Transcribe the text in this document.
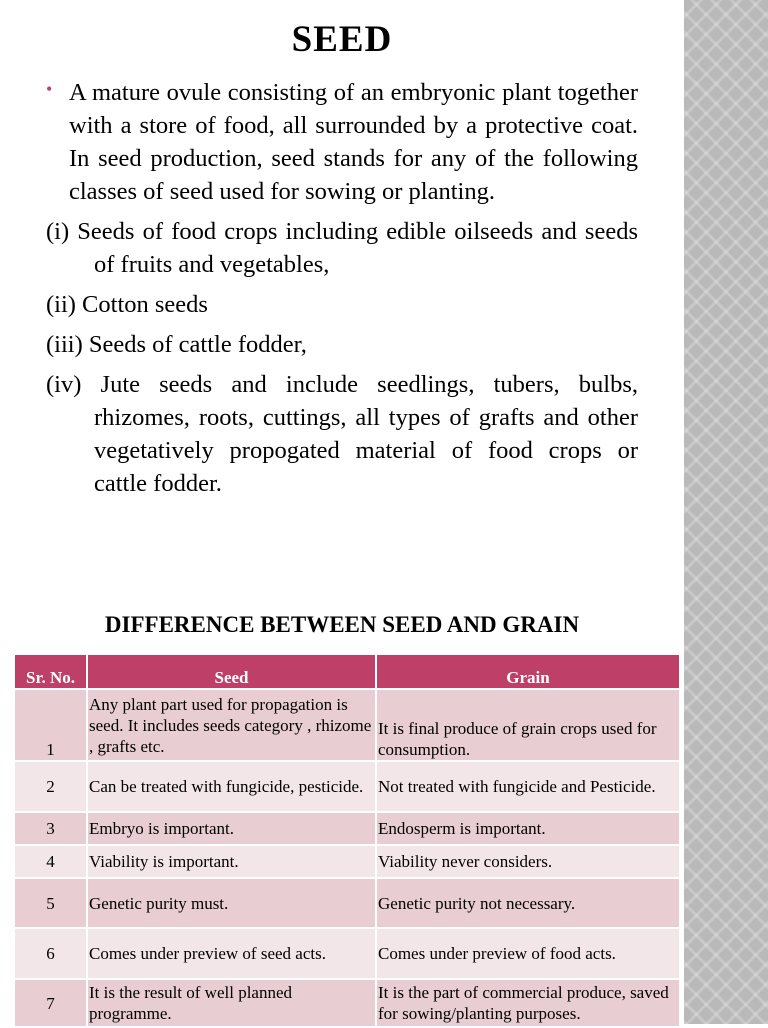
SEED
• A mature ovule consisting of an embryonic plant together with a store of food, all surrounded by a protective coat. In seed production, seed stands for any of the following classes of seed used for sowing or planting.
(i) Seeds of food crops including edible oilseeds and seeds of fruits and vegetables,
(ii) Cotton seeds
(iii) Seeds of cattle fodder,
(iv) Jute seeds and include seedlings, tubers, bulbs, rhizomes, roots, cuttings, all types of grafts and other vegetatively propogated material of food crops or cattle fodder.
DIFFERENCE BETWEEN SEED AND GRAIN
Sr. No.	Seed	Grain
1	Any plant part used for propagation is seed. It includes seeds category , rhizome , grafts etc.	It is final produce of grain crops used for consumption.
2	Can be treated with fungicide, pesticide.	Not treated with fungicide and Pesticide.
3	Embryo is important.	Endosperm is important.
4	Viability is important.	Viability never considers.
5	Genetic purity must.	Genetic purity not necessary.
6	Comes under preview of seed acts.	Comes under preview of food acts.
7	It is the result of well planned programme.	It is the part of commercial produce, saved for sowing/planting purposes.
